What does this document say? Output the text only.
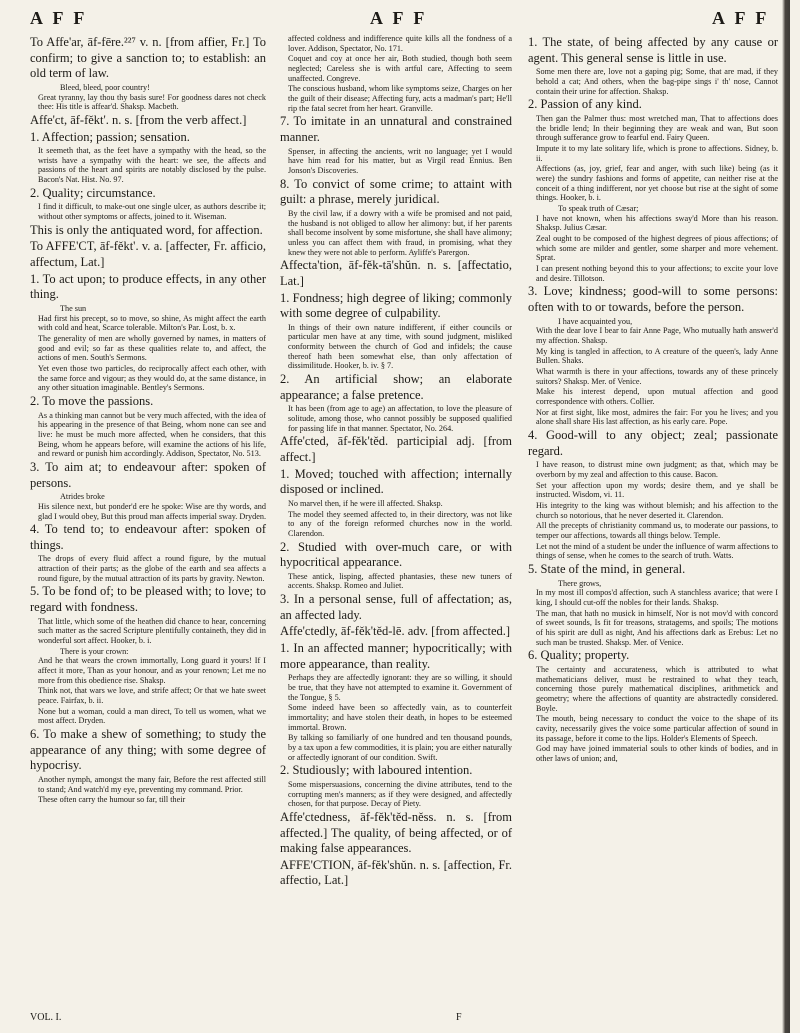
A F F	A F F	A F F

To Affe'ar, āf-fēre.²²⁷ v. n. [from affier, Fr.] To confirm; to give a sanction to; to establish: an old term of law.

Bleed, bleed, poor country!

Great tyranny, lay thou thy basis sure! For goodness dares not check thee: His title is affear'd. Shaksp. Macbeth.

Affe'ct, āf-fěkt'. n. s. [from the verb affect.]

1. Affection; passion; sensation.

It seemeth that, as the feet have a sympathy with the head, so the wrists have a sympathy with the heart: we see, the affects and passions of the heart and spirits are notably disclosed by the pulse. Bacon's Nat. Hist. No. 97.

2. Quality; circumstance.

I find it difficult, to make-out one single ulcer, as authors describe it; without other symptoms or affects, joined to it. Wiseman.

This is only the antiquated word, for affection.

To AFFE'CT, āf-fěkt'. v. a. [affecter, Fr. afficio, affectum, Lat.]

1. To act upon; to produce effects, in any other thing.

The sun

Had first his precept, so to move, so shine, As might affect the earth with cold and heat, Scarce tolerable. Milton's Par. Lost, b. x.

The generality of men are wholly governed by names, in matters of good and evil; so far as these qualities relate to, and affect, the actions of men. South's Sermons.

Yet even those two particles, do reciprocally affect each other, with the same force and vigour; as they would do, at the same distance, in any other situation imaginable. Bentley's Sermons.

2. To move the passions.

As a thinking man cannot but be very much affected, with the idea of his appearing in the presence of that Being, whom none can see and live: he must be much more affected, when he considers, that this Being, whom he appears before, will examine the actions of his life, and reward or punish him accordingly. Addison, Spectator, No. 513.

3. To aim at; to endeavour after: spoken of persons.

Atrides broke

His silence next, but ponder'd ere he spoke: Wise are thy words, and glad I would obey, But this proud man affects imperial sway. Dryden.

4. To tend to; to endeavour after: spoken of things.

The drops of every fluid affect a round figure, by the mutual attraction of their parts; as the globe of the earth and sea affects a round figure, by the mutual attraction of its parts by gravity. Newton.

5. To be fond of; to be pleased with; to love; to regard with fondness.

That little, which some of the heathen did chance to hear, concerning such matter as the sacred Scripture plentifully containeth, they did in wonderful sort affect. Hooker, b. i.

There is your crown:

And he that wears the crown immortally, Long guard it yours! If I affect it more, Than as your honour, and as your renown; Let me no more from this obedience rise. Shaksp.

Think not, that wars we love, and strife affect; Or that we hate sweet peace. Fairfax, b. ii.

None but a woman, could a man direct, To tell us women, what we most affect. Dryden.

6. To make a shew of something; to study the appearance of any thing; with some degree of hypocrisy.

Another nymph, amongst the many fair, Before the rest affected still to stand; And watch'd my eye, preventing my command. Prior.

These often carry the humour so far, till their

affected coldness and indifference quite kills all the fondness of a lover. Addison, Spectator, No. 171.

Coquet and coy at once her air, Both studied, though both seem neglected; Careless she is with artful care, Affecting to seem unaffected. Congreve.

The conscious husband, whom like symptoms seize, Charges on her the guilt of their disease; Affecting fury, acts a madman's part; He'll rip the fatal secret from her heart. Granville.

7. To imitate in an unnatural and constrained manner.

Spenser, in affecting the ancients, writ no language; yet I would have him read for his matter, but as Virgil read Ennius. Ben Jonson's Discoveries.

8. To convict of some crime; to attaint with guilt: a phrase, merely juridical.

By the civil law, if a dowry with a wife be promised and not paid, the husband is not obliged to allow her alimony: but, if her parents shall become insolvent by some misfortune, she shall have alimony; unless you can affect them with fraud, in promising, what they knew they were not able to perform. Ayliffe's Parergon.

Affecta'tion, āf-fěk-tā'shŭn. n. s. [affectatio, Lat.]

1. Fondness; high degree of liking; commonly with some degree of culpability.

In things of their own nature indifferent, if either councils or particular men have at any time, with sound judgment, misliked conformity between the church of God and infidels; the cause thereof hath been somewhat else, than only affectation of dissimilitude. Hooker, b. iv. § 7.

2. An artificial show; an elaborate appearance; a false pretence.

It has been (from age to age) an affectation, to love the pleasure of solitude, among those, who cannot possibly be supposed qualified for passing life in that manner. Spectator, No. 264.

Affe'cted, āf-fěk'těd. participial adj. [from affect.]

1. Moved; touched with affection; internally disposed or inclined.

No marvel then, if he were ill affected. Shaksp.

The model they seemed affected to, in their directory, was not like to any of the foreign reformed churches now in the world. Clarendon.

2. Studied with over-much care, or with hypocritical appearance.

These antick, lisping, affected phantasies, these new tuners of accents. Shaksp. Romeo and Juliet.

3. In a personal sense, full of affectation; as, an affected lady.

Affe'ctedly, āf-fěk'těd-lē. adv. [from affected.]

1. In an affected manner; hypocritically; with more appearance, than reality.

Perhaps they are affectedly ignorant: they are so willing, it should be true, that they have not attempted to examine it. Government of the Tongue, § 5.

Some indeed have been so affectedly vain, as to counterfeit immortality; and have stolen their death, in hopes to be esteemed immortal. Brown.

By talking so familiarly of one hundred and ten thousand pounds, by a tax upon a few commodities, it is plain; you are either naturally or affectedly ignorant of our condition. Swift.

2. Studiously; with laboured intention.

Some mispersuasions, concerning the divine attributes, tend to the corrupting men's manners; as if they were designed, and affectedly chosen, for that purpose. Decay of Piety.

Affe'ctedness, āf-fěk'těd-něss. n. s. [from affected.] The quality, of being affected, or of making false appearances.

AFFE'CTION, āf-fěk'shŭn. n. s. [affection, Fr. affectio, Lat.]

1. The state, of being affected by any cause or agent. This general sense is little in use.

Some men there are, love not a gaping pig; Some, that are mad, if they behold a cat; And others, when the bag-pipe sings i' th' nose, Cannot contain their urine for affection. Shaksp.

2. Passion of any kind.

Then gan the Palmer thus: most wretched man, That to affections does the bridle lend; In their beginning they are weak and wan, But soon through sufferance grow to fearful end. Fairy Queen.

Impute it to my late solitary life, which is prone to affections. Sidney, b. ii.

Affections (as, joy, grief, fear and anger, with such like) being (as it were) the sundry fashions and forms of appetite, can neither rise at the conceit of a thing indifferent, nor yet choose but rise at the sight of some things. Hooker, b. i.

To speak truth of Cæsar;

I have not known, when his affections sway'd More than his reason. Shaksp. Julius Cæsar.

Zeal ought to be composed of the highest degrees of pious affections; of which some are milder and gentler, some sharper and more vehement. Sprat.

I can present nothing beyond this to your affections; to excite your love and desire. Tillotson.

3. Love; kindness; good-will to some persons: often with to or towards, before the person.

I have acquainted you,

With the dear love I bear to fair Anne Page, Who mutually hath answer'd my affection. Shaksp.

My king is tangled in affection, to A creature of the queen's, lady Anne Bullen. Shaks.

What warmth is there in your affections, towards any of these princely suitors? Shaksp. Mer. of Venice.

Make his interest depend, upon mutual affection and good correspondence with others. Collier.

Nor at first sight, like most, admires the fair: For you he lives; and you alone shall share His last affection, as his early care. Pope.

4. Good-will to any object; zeal; passionate regard.

I have reason, to distrust mine own judgment; as that, which may be overborn by my zeal and affection to this cause. Bacon.

Set your affection upon my words; desire them, and ye shall be instructed. Wisdom, vi. 11.

His integrity to the king was without blemish; and his affection to the church so notorious, that he never deserted it. Clarendon.

All the precepts of christianity command us, to moderate our passions, to temper our affections, towards all things below. Temple.

Let not the mind of a student be under the influence of warm affections to things of sense, when he comes to the search of truth. Watts.

5. State of the mind, in general.

There grows,

In my most ill compos'd affection, such A stanchless avarice; that were I king, I should cut-off the nobles for their lands. Shaksp.

The man, that hath no musick in himself, Nor is not mov'd with concord of sweet sounds, Is fit for treasons, stratagems, and spoils; The motions of his spirit are dull as night, And his affections dark as Erebus: Let no such man be trusted. Shaksp. Mer. of Venice.

6. Quality; property.

The certainty and accurateness, which is attributed to what mathematicians deliver, must be restrained to what they teach, concerning those purely mathematical disciplines, arithmetick and geometry; where the affections of quantity are abstractedly considered. Boyle.

The mouth, being necessary to conduct the voice to the shape of its cavity, necessarily gives the voice some particular affection of sound in its passage, before it come to the lips. Holder's Elements of Speech.

God may have joined immaterial souls to other kinds of bodies, and in other laws of union; and,

VOL. I.	F
